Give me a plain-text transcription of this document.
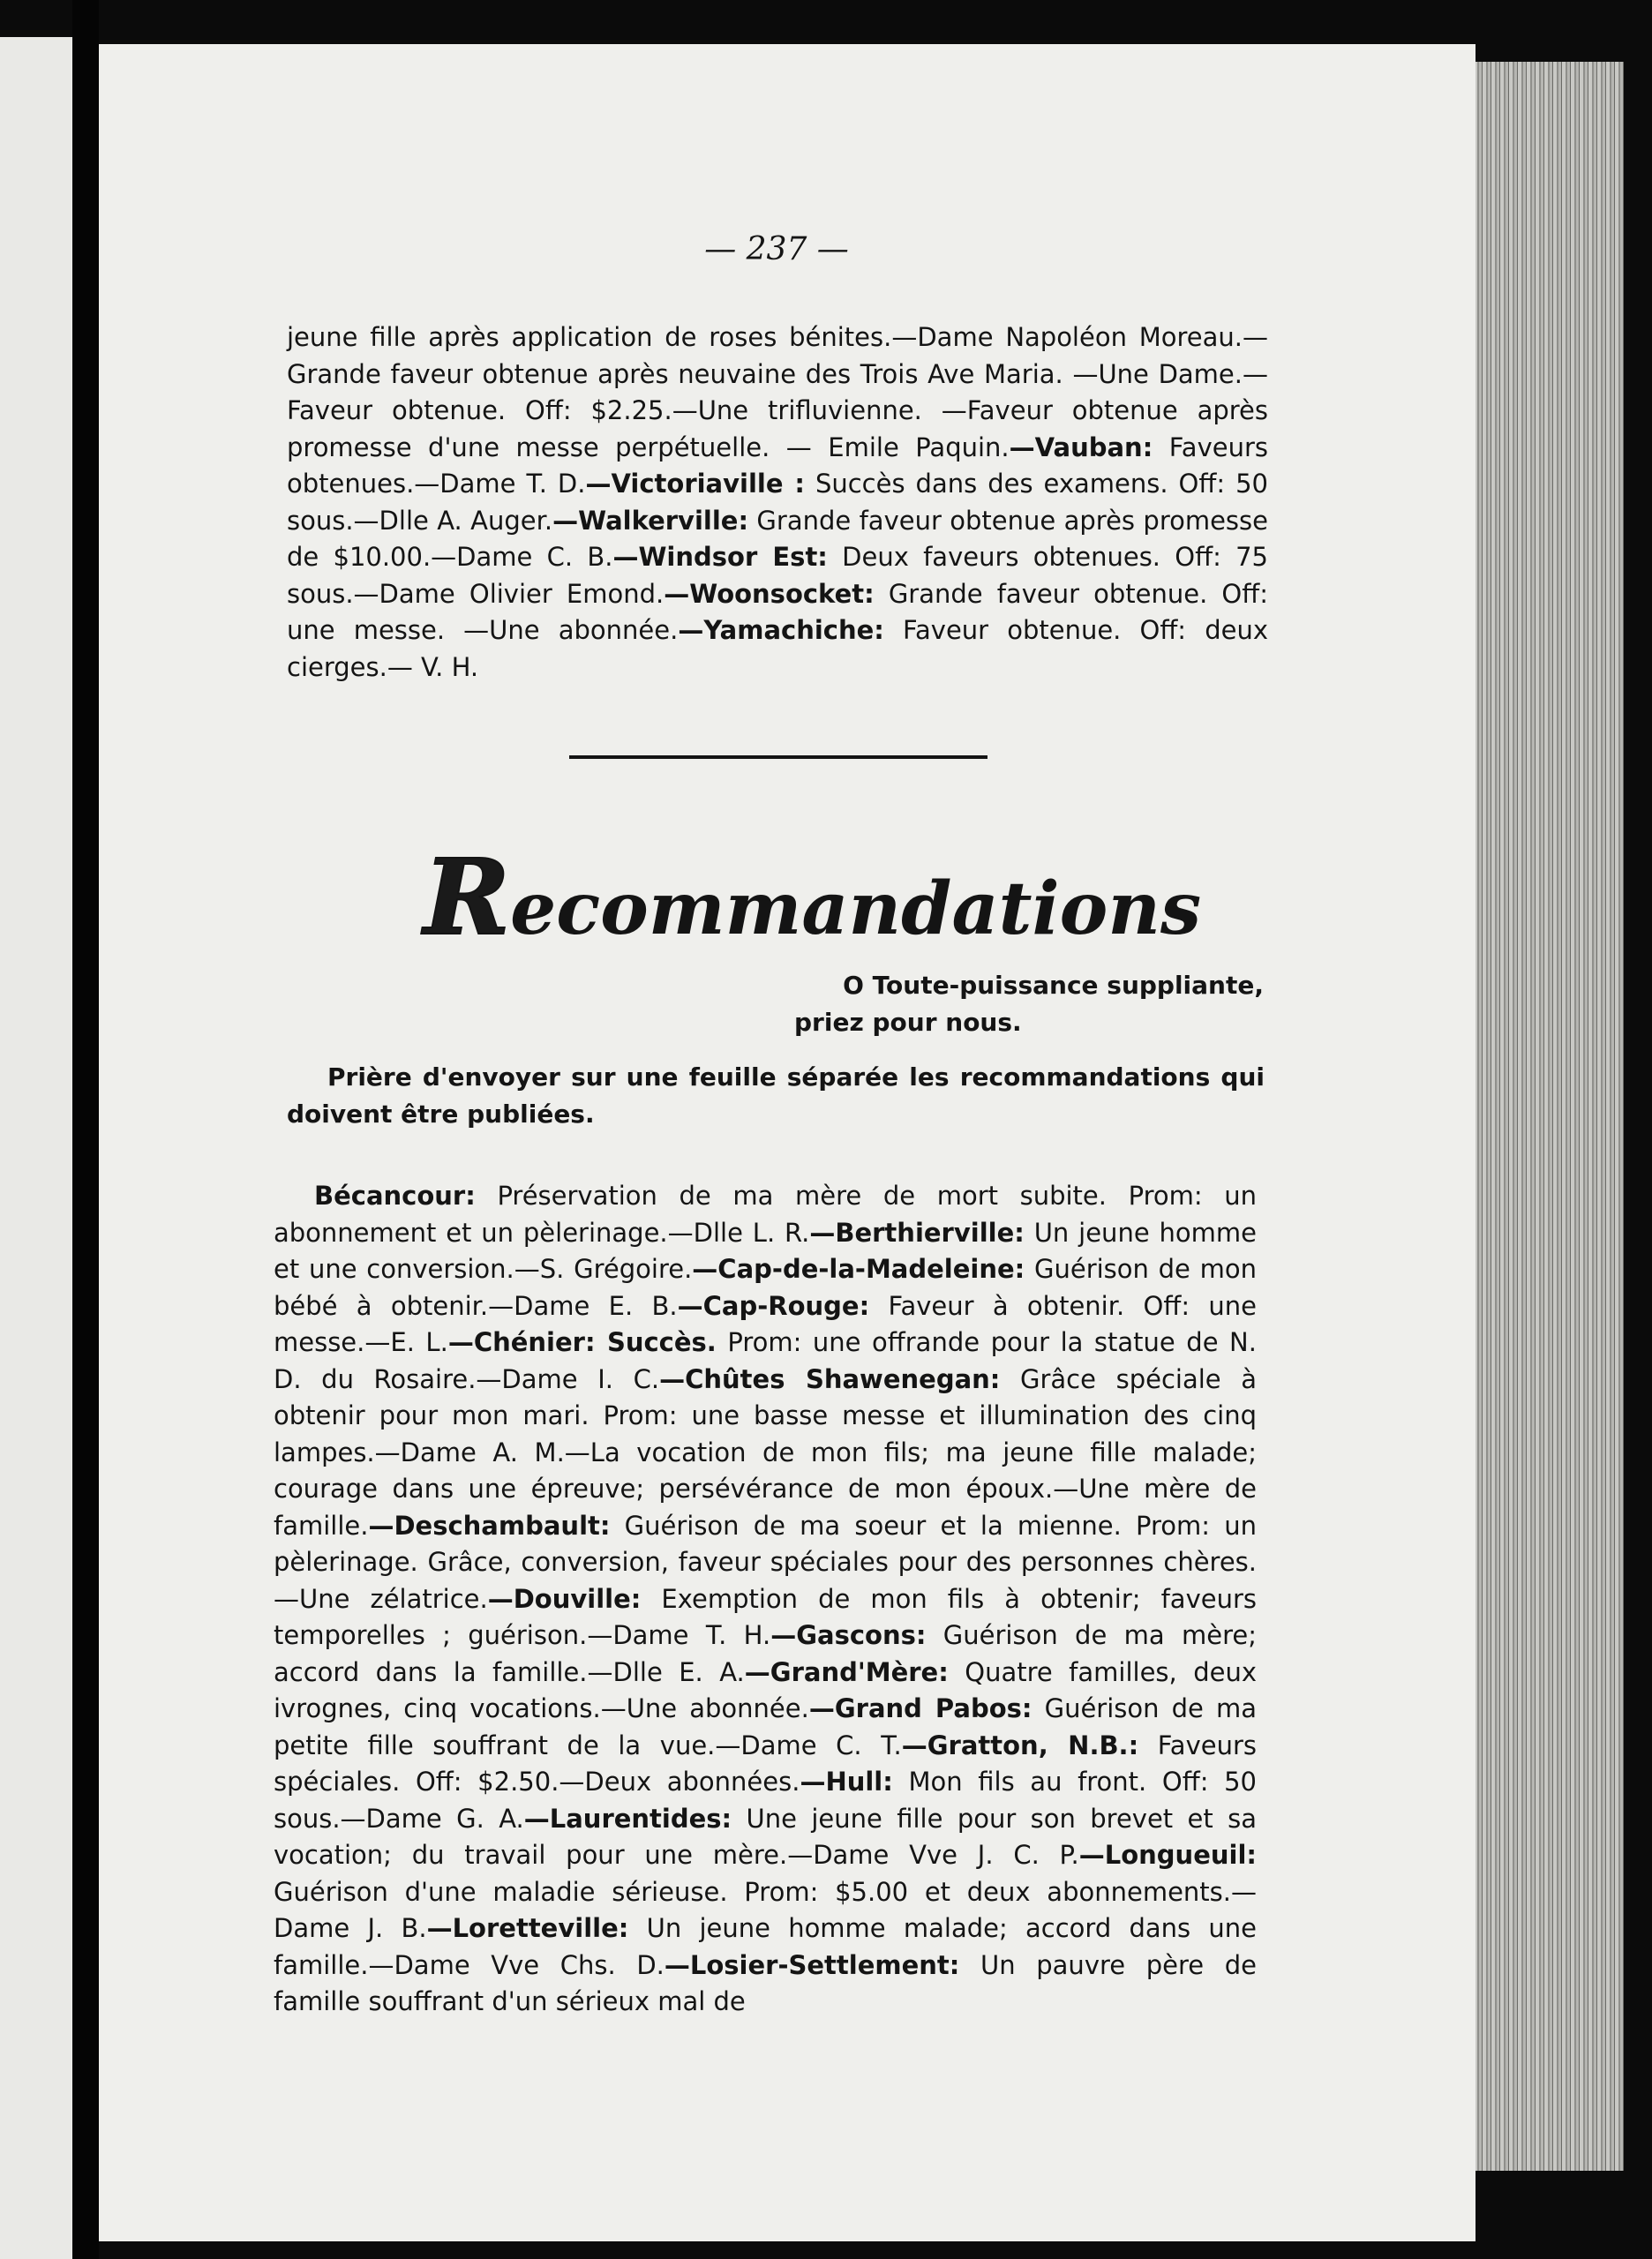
— 237 —
jeune fille après application de roses bénites.—Dame Napoléon Moreau.—Grande faveur obtenue après neuvaine des Trois Ave Maria. —Une Dame.—Faveur obtenue. Off: $2.25.—Une trifluvienne. —Faveur obtenue après promesse d'une messe perpétuelle. — Emile Paquin.—Vauban: Faveurs obtenues.—Dame T. D.—Victoriaville : Succès dans des examens. Off: 50 sous.—Dlle A. Auger.—Walkerville: Grande faveur obtenue après promesse de $10.00.—Dame C. B.—Windsor Est: Deux faveurs obtenues. Off: 75 sous.—Dame Olivier Emond.—Woonsocket: Grande faveur obtenue. Off: une messe. —Une abonnée.—Yamachiche: Faveur obtenue. Off: deux cierges.— V. H.
Recommandations
O Toute-puissance suppliante,
priez pour nous.
Prière d'envoyer sur une feuille séparée les recommandations qui doivent être publiées.
Bécancour: Préservation de ma mère de mort subite. Prom: un abonnement et un pèlerinage.—Dlle L. R.—Berthierville: Un jeune homme et une conversion.—S. Grégoire.—Cap-de-la-Madeleine: Guérison de mon bébé à obtenir.—Dame E. B.—Cap-Rouge: Faveur à obtenir. Off: une messe.—E. L.—Chénier: Succès. Prom: une offrande pour la statue de N. D. du Rosaire.—Dame I. C.—Chûtes Shawenegan: Grâce spéciale à obtenir pour mon mari. Prom: une basse messe et illumination des cinq lampes.—Dame A. M.—La vocation de mon fils; ma jeune fille malade; courage dans une épreuve; persévérance de mon époux.—Une mère de famille.—Deschambault: Guérison de ma soeur et la mienne. Prom: un pèlerinage. Grâce, conversion, faveur spéciales pour des personnes chères.—Une zélatrice.—Douville: Exemption de mon fils à obtenir; faveurs temporelles ; guérison.—Dame T. H.—Gascons: Guérison de ma mère; accord dans la famille.—Dlle E. A.—Grand'Mère: Quatre familles, deux ivrognes, cinq vocations.—Une abonnée.—Grand Pabos: Guérison de ma petite fille souffrant de la vue.—Dame C. T.—Gratton, N.B.: Faveurs spéciales. Off: $2.50.—Deux abonnées.—Hull: Mon fils au front. Off: 50 sous.—Dame G. A.—Laurentides: Une jeune fille pour son brevet et sa vocation; du travail pour une mère.—Dame Vve J. C. P.—Longueuil: Guérison d'une maladie sérieuse. Prom: $5.00 et deux abonnements.—Dame J. B.—Loretteville: Un jeune homme malade; accord dans une famille.—Dame Vve Chs. D.—Losier-Settlement: Un pauvre père de famille souffrant d'un sérieux mal de
